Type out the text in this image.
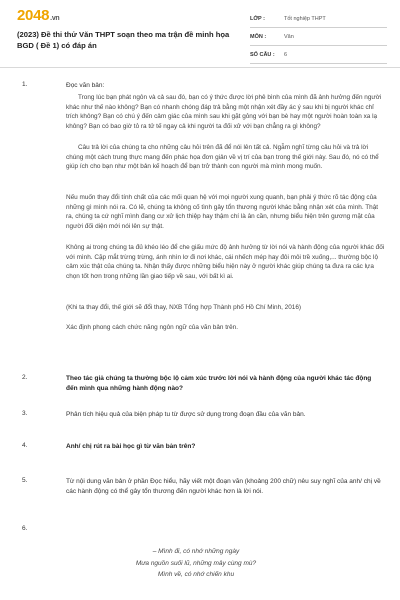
2048.vn
(2023) Đề thi thử Văn THPT soạn theo ma trận đề minh họa BGD ( Đề 1) có đáp án
LỚP :	Tốt nghiệp THPT
MÔN :	Văn
SỐ CÂU :	6
1.	Đọc văn bản:

Trong lúc bạn phát ngôn và cả sau đó, bạn có ý thức được lời phê bình của mình đã ảnh hưởng đến người khác như thế nào không? Bạn có nhanh chóng đáp trả bằng một nhận xét đầy ác ý sau khi bị người khác chỉ trích không? Bạn có chú ý đến cảm giác của mình sau khi gặt gỏng với bạn bè hay một người hoàn toàn xa lạ không? Bạn có bao giờ tỏ ra tử tế ngay cả khi người ta đối xử với bạn chẳng ra gì không?

Câu trả lời của chúng ta cho những câu hỏi trên đã để nói lên tất cả. Ngẫm nghĩ từng câu hỏi và trả lời chúng một cách trung thực mang đến phác họa đơn giản về vị trí của bạn trong thế giới này. Sau đó, nó có thể giúp ích cho bạn như một bản kế hoạch để bạn trở thành con người mà mình mong muốn.

Nếu muốn thay đổi tính chất của các mối quan hệ với mọi người xung quanh, bạn phải ý thức rõ tác động của những gì mình nói ra. Có lẽ, chúng ta không cố tình gây tổn thương người khác bằng nhận xét của mình. Thật ra, chúng ta cứ nghĩ mình đang cư xử lịch thiệp hay thậm chí là ân cần, nhưng biểu hiện trên gương mặt của người đối diện mới nói lên sự thật.

Không ai trong chúng ta đủ khéo léo để che giấu mức độ ảnh hưởng từ lời nói và hành động của người khác đối với mình. Cặp mắt trừng trừng, ánh nhìn lơ đi nơi khác, cái nhếch mép hay đôi môi trề xuống,... thường bộc lộ cảm xúc thật của chúng ta. Nhận thấy được những biểu hiện này ở người khác giúp chúng ta đưa ra các lựa chọn tốt hơn trong những lần giao tiếp về sau, với bất kì ai.

(Khi ta thay đổi, thế giới sẽ đổi thay, NXB Tổng hợp Thành phố Hồ Chí Minh, 2016)

Xác định phong cách chức năng ngôn ngữ của văn bản trên.

2.	Theo tác giả chúng ta thường bộc lộ cảm xúc trước lời nói và hành động của người khác tác động đến mình qua những hành động nào?
3.	Phân tích hiệu quả của biện pháp tu từ được sử dụng trong đoạn đầu của văn bản.
4.	Anh/ chị rút ra bài học gì từ văn bản trên?
5.	Từ nội dung văn bản ở phần Đọc hiểu, hãy viết một đoạn văn (khoảng 200 chữ) nêu suy nghĩ của anh/ chị về các hành động có thể gây tổn thương đến người khác hơn là lời nói.
6.
– Mình đi, có nhớ những ngày
Mưa nguồn suối lũ, những mây cùng mù?
Mình về, có nhớ chiến khu
